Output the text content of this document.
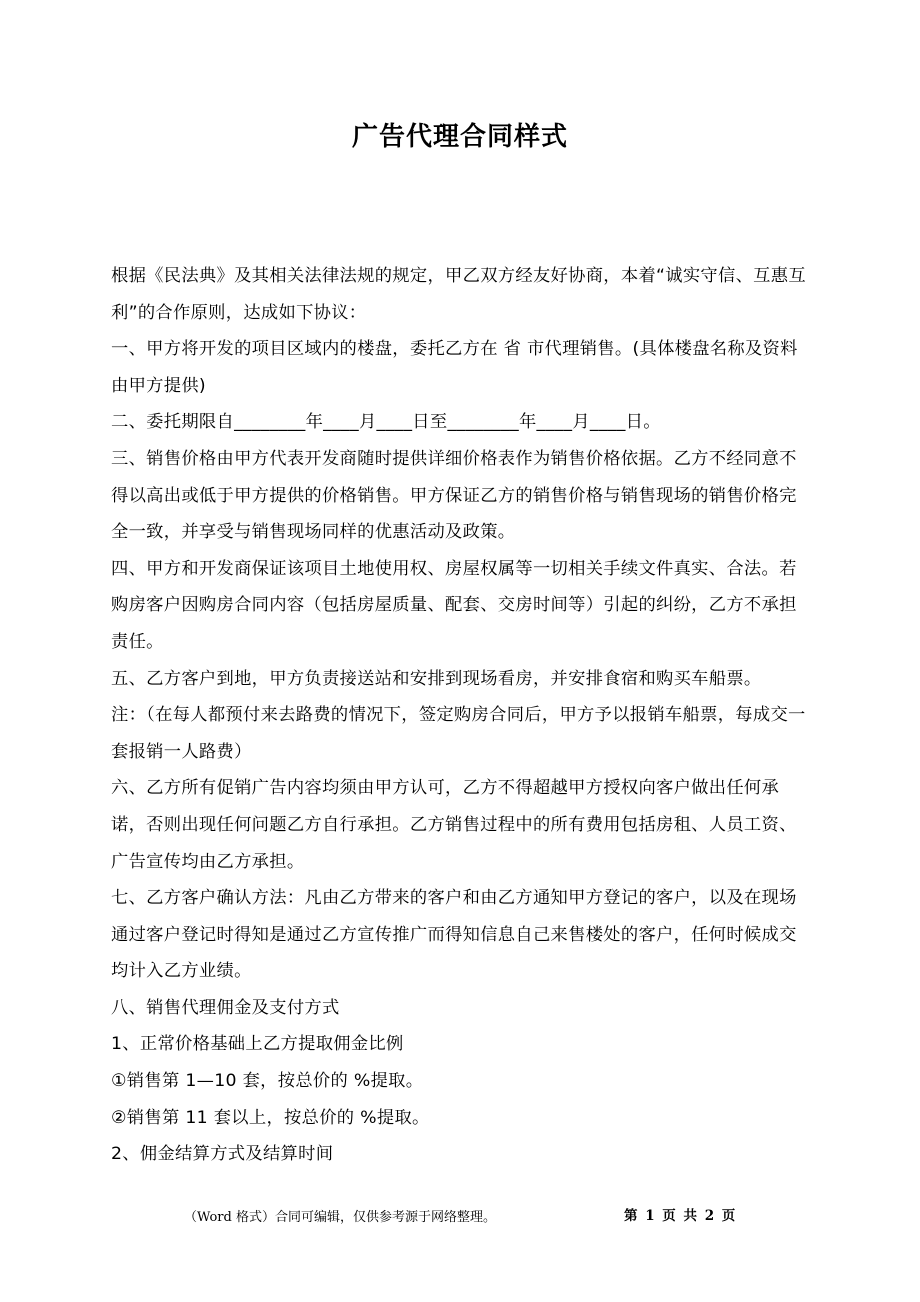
广告代理合同样式

根据《民法典》及其相关法律法规的规定，甲乙双方经友好协商，本着“诚实守信、互惠互利”的合作原则，达成如下协议：

一、甲方将开发的项目区域内的楼盘，委托乙方在 省 市代理销售。(具体楼盘名称及资料由甲方提供)

二、委托期限自________年____月____日至________年____月____日。

三、销售价格由甲方代表开发商随时提供详细价格表作为销售价格依据。乙方不经同意不得以高出或低于甲方提供的价格销售。甲方保证乙方的销售价格与销售现场的销售价格完全一致，并享受与销售现场同样的优惠活动及政策。

四、甲方和开发商保证该项目土地使用权、房屋权属等一切相关手续文件真实、合法。若购房客户因购房合同内容（包括房屋质量、配套、交房时间等）引起的纠纷，乙方不承担责任。

五、乙方客户到地，甲方负责接送站和安排到现场看房，并安排食宿和购买车船票。

注：（在每人都预付来去路费的情况下，签定购房合同后，甲方予以报销车船票，每成交一套报销一人路费）

六、乙方所有促销广告内容均须由甲方认可，乙方不得超越甲方授权向客户做出任何承诺，否则出现任何问题乙方自行承担。乙方销售过程中的所有费用包括房租、人员工资、广告宣传均由乙方承担。

七、乙方客户确认方法：凡由乙方带来的客户和由乙方通知甲方登记的客户，以及在现场通过客户登记时得知是通过乙方宣传推广而得知信息自己来售楼处的客户，任何时候成交均计入乙方业绩。

八、销售代理佣金及支付方式

1、正常价格基础上乙方提取佣金比例

①销售第 1—10 套，按总价的 %提取。

②销售第 11 套以上，按总价的 %提取。

2、佣金结算方式及结算时间

（Word 格式）合同可编辑，仅供参考源于网络整理。	第 1 页 共 2 页
